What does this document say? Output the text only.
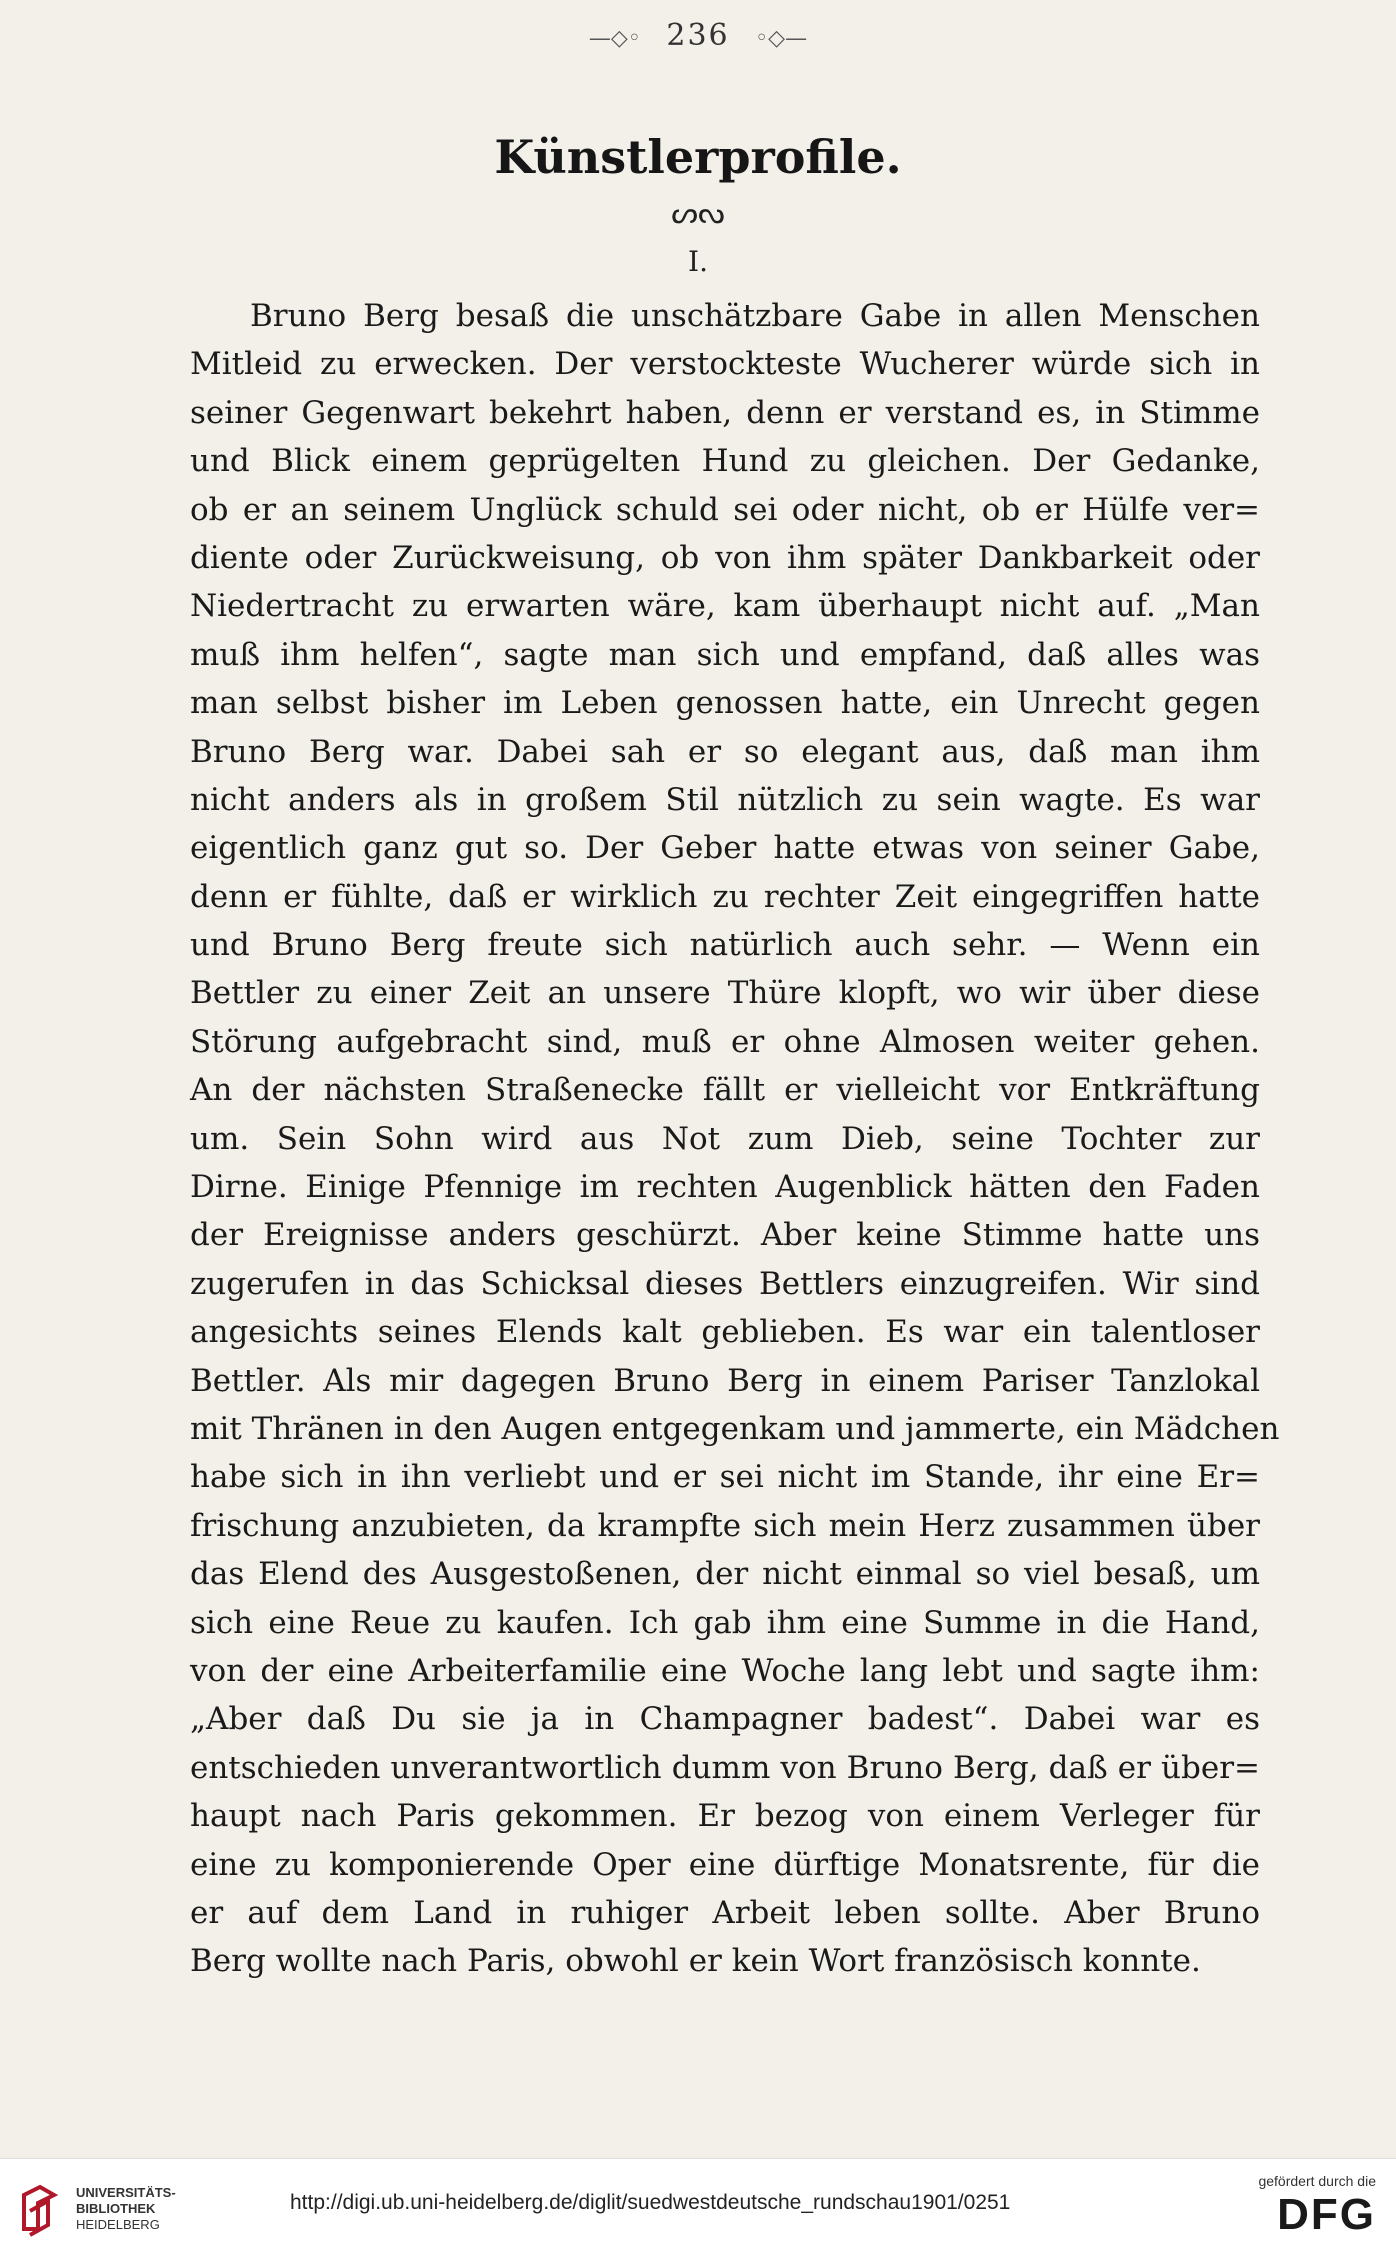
—◇◦ 236 ◦◇—
Künstlerprofile.
ᔕᔓ
I.
Bruno Berg besaß die unschätzbare Gabe in allen Menschen
Mitleid zu erwecken. Der verstockteste Wucherer würde sich in
seiner Gegenwart bekehrt haben, denn er verstand es, in Stimme
und Blick einem geprügelten Hund zu gleichen. Der Gedanke,
ob er an seinem Unglück schuld sei oder nicht, ob er Hülfe ver=
diente oder Zurückweisung, ob von ihm später Dankbarkeit oder
Niedertracht zu erwarten wäre, kam überhaupt nicht auf. „Man
muß ihm helfen“, sagte man sich und empfand, daß alles was
man selbst bisher im Leben genossen hatte, ein Unrecht gegen
Bruno Berg war. Dabei sah er so elegant aus, daß man ihm
nicht anders als in großem Stil nützlich zu sein wagte. Es war
eigentlich ganz gut so. Der Geber hatte etwas von seiner Gabe,
denn er fühlte, daß er wirklich zu rechter Zeit eingegriffen hatte
und Bruno Berg freute sich natürlich auch sehr. — Wenn ein
Bettler zu einer Zeit an unsere Thüre klopft, wo wir über diese
Störung aufgebracht sind, muß er ohne Almosen weiter gehen.
An der nächsten Straßenecke fällt er vielleicht vor Entkräftung
um. Sein Sohn wird aus Not zum Dieb, seine Tochter zur
Dirne. Einige Pfennige im rechten Augenblick hätten den Faden
der Ereignisse anders geschürzt. Aber keine Stimme hatte uns
zugerufen in das Schicksal dieses Bettlers einzugreifen. Wir sind
angesichts seines Elends kalt geblieben. Es war ein talentloser
Bettler. Als mir dagegen Bruno Berg in einem Pariser Tanzlokal
mit Thränen in den Augen entgegenkam und jammerte, ein Mädchen
habe sich in ihn verliebt und er sei nicht im Stande, ihr eine Er=
frischung anzubieten, da krampfte sich mein Herz zusammen über
das Elend des Ausgestoßenen, der nicht einmal so viel besaß, um
sich eine Reue zu kaufen. Ich gab ihm eine Summe in die Hand,
von der eine Arbeiterfamilie eine Woche lang lebt und sagte ihm:
„Aber daß Du sie ja in Champagner badest“. Dabei war es
entschieden unverantwortlich dumm von Bruno Berg, daß er über=
haupt nach Paris gekommen. Er bezog von einem Verleger für
eine zu komponierende Oper eine dürftige Monatsrente, für die
er auf dem Land in ruhiger Arbeit leben sollte. Aber Bruno
Berg wollte nach Paris, obwohl er kein Wort französisch konnte.
UNIVERSITÄTS-
BIBLIOTHEK
HEIDELBERG
http://digi.ub.uni-heidelberg.de/diglit/suedwestdeutsche_rundschau1901/0251
gefördert durch die
DFG
